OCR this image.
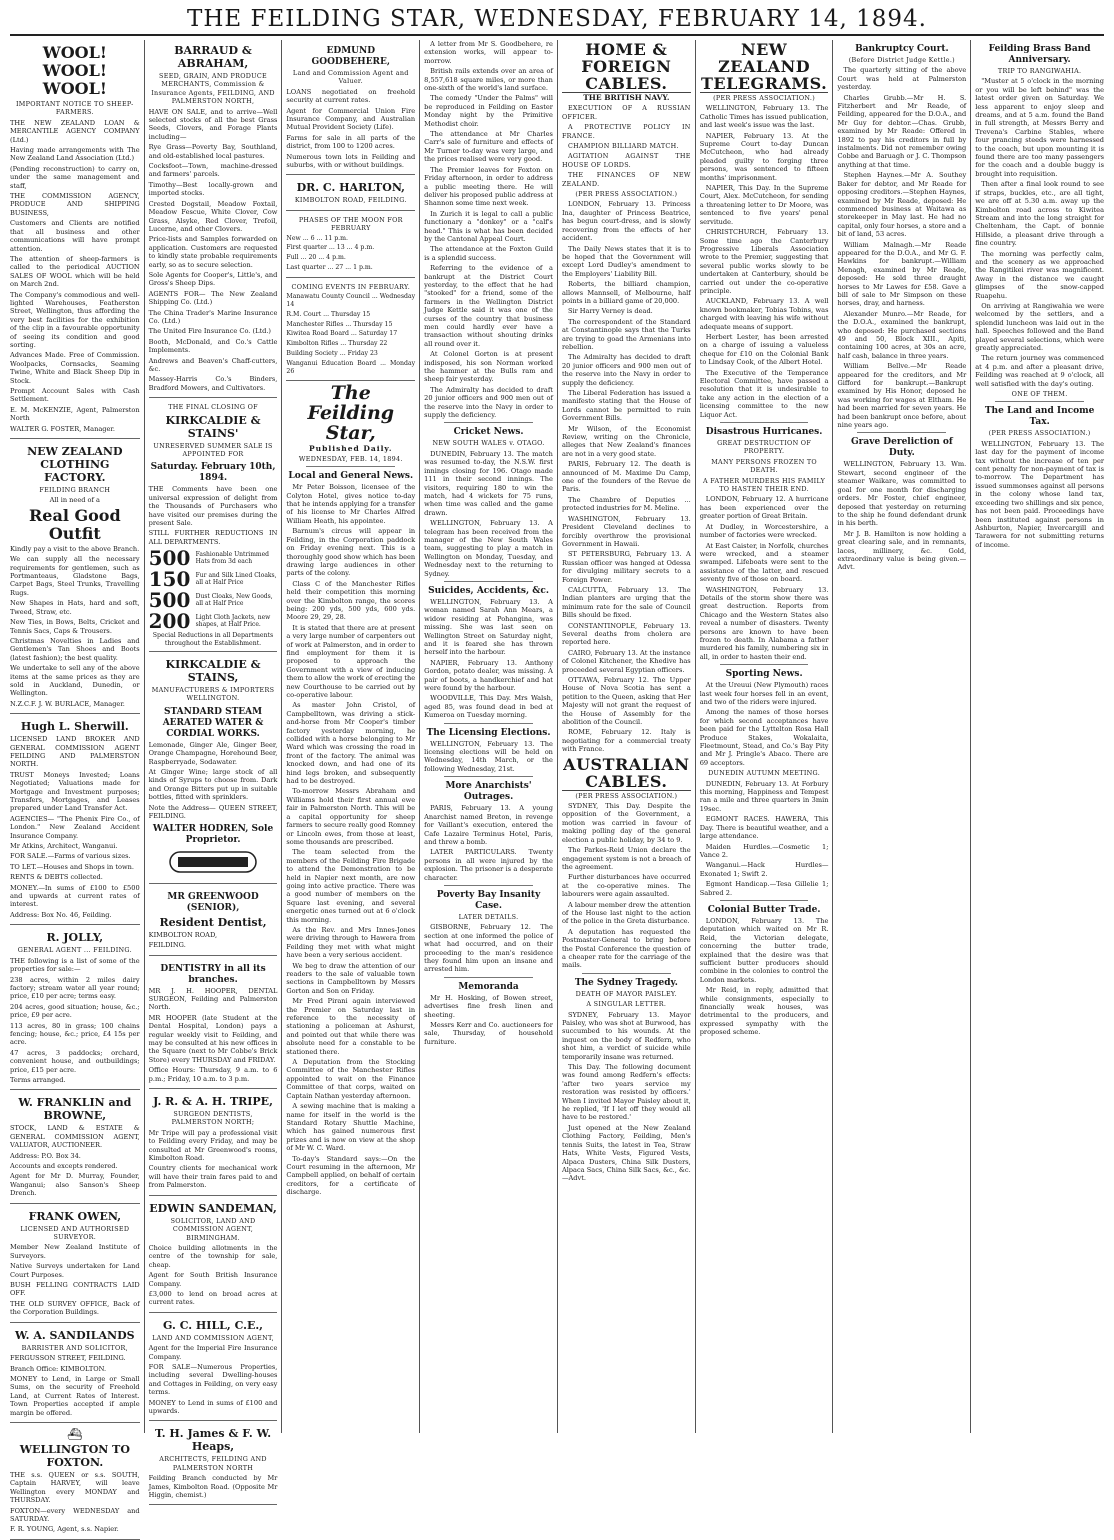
THE FEILDING STAR, WEDNESDAY, FEBRUARY 14, 1894.
WOOL! WOOL! WOOL!
IMPORTANT NOTICE TO SHEEP-FARMERS.

THE NEW ZEALAND LOAN & MERCANTILE AGENCY COMPANY (Ltd.)

Having made arrangements with The New Zealand Land Association (Ltd.)

(Pending reconstruction) to carry on, under the same management and staff,

THE COMMISSION AGENCY, PRODUCE AND SHIPPING BUSINESS,

Customers and Clients are notified that all business and other communications will have prompt attention.

The attention of sheep-farmers is called to the periodical AUCTION SALES OF WOOL which will be held on March 2nd.

The Company's commodious and well-lighted Warehouses, Featherston Street, Wellington, thus affording the very best facilities for the exhibition of the clip in a favourable opportunity of seeing its condition and good sorting.

Advances Made. Free of Commission. Woolpacks, Cornsacks, Seaming Twine, White and Black Sheep Dip in Stock.

Prompt Account Sales with Cash Settlement.

E. M. McKENZIE, Agent, Palmerston North

WALTER G. FOSTER, Manager.

NEW ZEALAND CLOTHING FACTORY.
FEILDING BRANCH
All in need of a
Real Good Outfit

Kindly pay a visit to the above Branch.

We can supply all the necessary requirements for gentlemen, such as Portmanteaus, Gladstone Bags, Carpet Bags, Steel Trunks, Travelling Rugs.

New Shapes in Hats, hard and soft, Tweed, Straw, etc.

New Ties, in Bows, Belts, Cricket and Tennis Sacs, Caps & Trousers.

Christmas Novelties in Ladies and Gentlemen's Tan Shoes and Boots (latest fashion); the best quality.

We undertake to sell any of the above items at the same prices as they are sold in Auckland, Dunedin, or Wellington.

N.Z.C.F. J. W. BURLACE, Manager.

Hugh L. Sherwill.

LICENSED LAND BROKER AND GENERAL COMMISSION AGENT FEILDING AND PALMERSTON NORTH.

TRUST Moneys Invested; Loans Negotiated; Valuations made for Mortgage and Investment purposes; Transfers, Mortgages, and Leases prepared under Land Transfer Act.

AGENCIES— "The Phenix Fire Co., of London." New Zealand Accident Insurance Company.

Mr Atkins, Architect, Wanganui.

FOR SALE.—Farms of various sizes.

TO LET.—Houses and Shops in town.

RENTS & DEBTS collected.

MONEY.—In sums of £100 to £500 and upwards at current rates of interest.

Address: Box No. 46, Feilding.

R. JOLLY,
GENERAL AGENT ... FEILDING.

THE following is a list of some of the properties for sale:—

238 acres, within 2 miles dairy factory; stream water all year round; price, £10 per acre; terms easy.

204 acres, good situation; house, &c.; price, £9 per acre.

113 acres, 80 in grass; 100 chains fencing; house, &c.; price, £4 15s per acre.

47 acres, 3 paddocks; orchard, convenient house, and outbuildings; price, £15 per acre.

Terms arranged.

W. FRANKLIN and BROWNE,

STOCK, LAND & ESTATE & GENERAL COMMISSION AGENT, VALUATOR, AUCTIONEER.

Address: P.O. Box 34.

Accounts and excepts rendered.

Agent for Mr D. Murray, Founder, Wanganui; also Sanson's Sheep Drench.

FRANK OWEN,
LICENSED AND AUTHORISED SURVEYOR.

Member New Zealand Institute of Surveyors.

Native Surveys undertaken for Land Court Purposes.

BUSH FELLING CONTRACTS LAID OFF.

THE OLD SURVEY OFFICE, Back of the Corporation Buildings.

W. A. SANDILANDS
BARRISTER AND SOLICITOR,

FERGUSSON STREET, FEILDING.

Branch Office: KIMBOLTON.

MONEY to Lend, in Large or Small Sums, on the security of Freehold Land, at Current Rates of Interest. Town Properties accepted if ample margin be offered.

⛴
WELLINGTON TO FOXTON.

THE s.s. QUEEN or s.s. SOUTH, Captain HARVEY, will leave Wellington every MONDAY and THURSDAY.

FOXTON—every WEDNESDAY and SATURDAY.

F. R. YOUNG, Agent, s.s. Napier.

BARRAUD & ABRAHAM,
SEED, GRAIN, AND PRODUCE MERCHANTS, Commission & Insurance Agents, FEILDING, AND PALMERSTON NORTH,

HAVE ON SALE, and to arrive—Well selected stocks of all the best Grass Seeds, Clovers, and Forage Plants including—

Rye Grass—Poverty Bay, Southland, and old-established local pastures.

Cocksfoot—Town, machine-dressed and farmers' parcels.

Timothy—Best locally-grown and imported stocks.

Crested Dogstail, Meadow Foxtail, Meadow Fescue, White Clover, Cow Grass, Alsyke, Red Clover, Trefoil, Lucerne, and other Clovers.

Price-lists and Samples forwarded on application. Customers are requested to kindly state probable requirements early, so as to secure selection.

Sole Agents for Cooper's, Little's, and Gross's Sheep Dips.

AGENTS FOR— The New Zealand Shipping Co. (Ltd.)

The China Trader's Marine Insurance Co. (Ltd.)

The United Fire Insurance Co. (Ltd.)

Booth, McDonald, and Co.'s Cattle Implements.

Andrews and Beaven's Chaff-cutters, &c.

Massey-Harris Co.'s Binders, Bradford Mowers, and Cultivators.

THE FINAL CLOSING OF
KIRKCALDIE & STAINS'
UNRESERVED SUMMER SALE IS APPOINTED FOR
Saturday. February 10th, 1894.

THE Comments have been one universal expression of delight from the Thousands of Purchasers who have visited our premises during the present Sale.

STILL FURTHER REDUCTIONS IN ALL DEPARTMENTS.

500 Fashionable Untrimmed Hats from 3d each
150 Fur and Silk Lined Cloaks, all at Half Price
500 Dust Cloaks, New Goods, all at Half Price
200 Light Cloth Jackets, new shapes, at Half Price.
Special Reductions in all Departments throughout the Establishment.
KIRKCALDIE & STAINS,
MANUFACTURERS & IMPORTERS WELLINGTON.
STANDARD STEAM AERATED WATER & CORDIAL WORKS.

Lemonade, Ginger Ale, Ginger Beer, Orange Champagne, Horehound Beer, Raspberryade, Sodawater.

At Ginger Wine; large stock of all kinds of Syrups to choose from. Dark and Orange Bitters put up in suitable bottles, fitted with sprinklers.

Note the Address— QUEEN STREET, FEILDING.

WALTER HODREN, Sole Proprietor.
MR GREENWOOD (SENIOR),
Resident Dentist,

KIMBOLTON ROAD,

FEILDING.

DENTISTRY in all its branches.

MR J. H. HOOPER, DENTAL SURGEON, Feilding and Palmerston North.

MR HOOPER (late Student at the Dental Hospital, London) pays a regular weekly visit to Feilding, and may be consulted at his new offices in the Square (next to Mr Cobbe's Brick Store) every THURSDAY and FRIDAY.

Office Hours: Thursday, 9 a.m. to 6 p.m.; Friday, 10 a.m. to 3 p.m.

J. R. & A. H. TRIPE,
SURGEON DENTISTS, PALMERSTON NORTH;

Mr Tripe will pay a professional visit to Feilding every Friday, and may be consulted at Mr Greenwood's rooms, Kimbolton Road.

Country clients for mechanical work will have their train fares paid to and from Palmerston.

EDWIN SANDEMAN,
SOLICITOR, LAND AND COMMISSION AGENT, BIRMINGHAM.

Choice building allotments in the centre of the township for sale, cheap.

Agent for South British Insurance Company.

£3,000 to lend on broad acres at current rates.

G. C. HILL, C.E.,
LAND AND COMMISSION AGENT,

Agent for the Imperial Fire Insurance Company.

FOR SALE—Numerous Properties, including several Dwelling-houses and Cottages in Feilding, on very easy terms.

MONEY to Lend in sums of £100 and upwards.

T. H. James & F. W. Heaps,
ARCHITECTS, FEILDING AND PALMERSTON NORTH

Feilding Branch conducted by Mr James, Kimbolton Road. (Opposite Mr Higgin, chemist.)

EDMUND GOODBEHERE,
Land and Commission Agent and Valuer.

LOANS negotiated on freehold security at current rates.

Agent for Commercial Union Fire Insurance Company, and Australian Mutual Provident Society (Life).

Farms for sale in all parts of the district, from 100 to 1200 acres.

Numerous town lots in Feilding and suburbs, with or without buildings.

DR. C. HARLTON,
KIMBOLTON ROAD, FEILDING.
PHASES OF THE MOON FOR FEBRUARY

New ... 6 ... 11 p.m.

First quarter ... 13 ... 4 p.m.

Full ... 20 ... 4 p.m.

Last quarter ... 27 ... 1 p.m.

COMING EVENTS IN FEBRUARY.

Manawatu County Council ... Wednesday 14

R.M. Court ... Thursday 15

Manchester Rifles ... Thursday 15

Kiwitea Road Board ... Saturday 17

Kimbolton Rifles ... Thursday 22

Building Society ... Friday 23

Wanganui Education Board ... Monday 26

The Feilding Star,
Published Daily.
WEDNESDAY, FEB. 14, 1894.
Local and General News.

Mr Peter Boisson, licensee of the Colyton Hotel, gives notice to-day that he intends applying for a transfer of his license to Mr Charles Alfred William Heath, his appointee.

Barnum's circus will appear in Feilding, in the Corporation paddock on Friday evening next. This is a thoroughly good show which has been drawing large audiences in other parts of the colony.

Class C of the Manchester Rifles held their competition this morning over the Kimbolton range, the scores being: 200 yds, 500 yds, 600 yds. Moore 29, 29, 28.

It is stated that there are at present a very large number of carpenters out of work at Palmerston, and in order to find employment for them it is proposed to approach the Government with a view of inducing them to allow the work of erecting the new Courthouse to be carried out by co-operative labour.

As master John Cristol, of Campbelltown, was driving a stick-and-horse from Mr Cooper's timber factory yesterday morning, he collided with a horse belonging to Mr Ward which was crossing the road in front of the factory. The animal was knocked down, and had one of its hind legs broken, and subsequently had to be destroyed.

To-morrow Messrs Abraham and Williams hold their first annual ewe fair in Palmerston North. This will be a capital opportunity for sheep farmers to secure really good Romney or Lincoln ewes, from those at least, some thousands are prescribed.

The team selected from the members of the Feilding Fire Brigade to attend the Demonstration to be held in Napier next month, are now going into active practice. There was a good number of members on the Square last evening, and several energetic ones turned out at 6 o'clock this morning.

As the Rev. and Mrs Innes-Jones were driving through to Hawera from Feilding they met with what might have been a very serious accident.

We beg to draw the attention of our readers to the sale of valuable town sections in Campbelltown by Messrs Gorton and Son on Friday.

Mr Fred Pirani again interviewed the Premier on Saturday last in reference to the necessity of stationing a policeman at Ashurst, and pointed out that while there was absolute need for a constable to be stationed there.

A Deputation from the Stocking Committee of the Manchester Rifles appointed to wait on the Finance Committee of that corps, waited on Captain Nathan yesterday afternoon.

A sewing machine that is making a name for itself in the world is the Standard Rotary Shuttle Machine, which has gained numerous first prizes and is now on view at the shop of Mr W. C. Ward.

To-day's Standard says:—On the Court resuming in the afternoon, Mr Campbell applied, on behalf of certain creditors, for a certificate of discharge.

A letter from Mr S. Goodbehere, re extension works, will appear to-morrow.

British rails extends over an area of 8,557,618 square miles, or more than one-sixth of the world's land surface.

The comedy "Under the Palms" will be reproduced in Feilding on Easter Monday night by the Primitive Methodist choir.

The attendance at Mr Charles Carr's sale of furniture and effects of Mr Turner to-day was very large, and the prices realised were very good.

The Premier leaves for Foxton on Friday afternoon, in order to address a public meeting there. He will deliver his proposed public address at Shannon some time next week.

In Zurich it is legal to call a public functionary a "donkey" or a "calf's head." This is what has been decided by the Cantonal Appeal Court.

The attendance at the Foxton Guild is a splendid success.

Referring to the evidence of a bankrupt at the District Court yesterday, to the effect that he had "stooked" for a friend, some of the farmers in the Wellington District Judge Kettle said it was one of the curses of the country that business men could hardly ever have a transaction without shouting drinks all round over it.

At Colonel Gorton is at present indisposed, his son Norman worked the hammer at the Bulls ram and sheep fair yesterday.

The Admiralty has decided to draft 20 junior officers and 900 men out of the reserve into the Navy in order to supply the deficiency.

Cricket News.
NEW SOUTH WALES v. OTAGO.

DUNEDIN, February 13. The match was resumed to-day, the N.S.W. first innings closing for 196. Otago made 111 in their second innings. The visitors, requiring 180 to win the match, had 4 wickets for 75 runs, when time was called and the game drawn.

WELLINGTON, February 13. A telegram has been received from the manager of the New South Wales team, suggesting to play a match in Wellington on Monday, Tuesday, and Wednesday next to the returning to Sydney.

Suicides, Accidents, &c.

WELLINGTON, February 13. A woman named Sarah Ann Mears, a widow residing at Pohangina, was missing. She was last seen on Wellington Street on Saturday night, and it is feared she has thrown herself into the harbour.

NAPIER, February 13. Anthony Gordon, potato dealer, was missing. A pair of boots, a handkerchief and hat were found by the harbour.

WOODVILLE, This Day. Mrs Walsh, aged 85, was found dead in bed at Kumeroa on Tuesday morning.

The Licensing Elections.

WELLINGTON, February 13. The licensing elections will be held on Wednesday, 14th March, or the following Wednesday, 21st.

More Anarchists' Outrages.

PARIS, February 13. A young Anarchist named Breton, in revenge for Vaillant's execution, entered the Cafe Lazaire Terminus Hotel, Paris, and threw a bomb.

LATER PARTICULARS. Twenty persons in all were injured by the explosion. The prisoner is a desperate character.

Poverty Bay Insanity Case.
LATER DETAILS.

GISBORNE, February 12. The section at one informed the police of what had occurred, and on their proceeding to the man's residence they found him upon an insane and arrested him.

Memoranda

Mr H. Hosking, of Bowen street, advertises fine fresh linen and sheeting.

Messrs Kerr and Co. auctioneers for sale, Thursday, of household furniture.

HOME & FOREIGN CABLES.
THE BRITISH NAVY.

EXECUTION OF A RUSSIAN OFFICER.

A PROTECTIVE POLICY IN FRANCE.

CHAMPION BILLIARD MATCH.

AGITATION AGAINST THE HOUSE OF LORDS.

THE FINANCES OF NEW ZEALAND.

(PER PRESS ASSOCIATION.)

LONDON, February 13. Princess Ina, daughter of Princess Beatrice, has begun court-dress, and is slowly recovering from the effects of her accident.

The Daily News states that it is to be hoped that the Government will except Lord Dudley's amendment to the Employers' Liability Bill.

Roberts, the billiard champion, allows Mannsell, of Melbourne, half points in a billiard game of 20,000.

Sir Harry Verney is dead.

The correspondent of the Standard at Constantinople says that the Turks are trying to goad the Armenians into rebellion.

The Admiralty has decided to draft 20 junior officers and 900 men out of the reserve into the Navy in order to supply the deficiency.

The Liberal Federation has issued a manifesto stating that the House of Lords cannot be permitted to ruin Government Bills.

Mr Wilson, of the Economist Review, writing on the Chronicle, alleges that New Zealand's finances are not in a very good state.

PARIS, February 12. The death is announced of M. Maxime Du Camp, one of the founders of the Revue de Paris.

The Chambre of Deputies ... protected industries for M. Meline.

WASHINGTON, February 13. President Cleveland declines to forcibly overthrow the provisional Government in Hawaii.

ST PETERSBURG, February 13. A Russian officer was hanged at Odessa for divulging military secrets to a Foreign Power.

CALCUTTA, February 13. The Indian planters are urging that the minimum rate for the sale of Council Bills should be fixed.

CONSTANTINOPLE, February 13. Several deaths from cholera are reported here.

CAIRO, February 13. At the instance of Colonel Kitchener, the Khedive has proceeded several Egyptian officers.

OTTAWA, February 12. The Upper House of Nova Scotia has sent a petition to the Queen, asking that Her Majesty will not grant the request of the House of Assembly for the abolition of the Council.

ROME, February 12. Italy is negotiating for a commercial treaty with France.

AUSTRALIAN CABLES.
(PER PRESS ASSOCIATION.)

SYDNEY, This Day. Despite the opposition of the Government, a motion was carried in favour of making polling day of the general election a public holiday, by 34 to 9.

The Parkes-Reid Union declare the engagement system is not a breach of the agreement.

Further disturbances have occurred at the co-operative mines. The labourers were again assaulted.

A labour member drew the attention of the House last night to the action of the police in the Greta disturbance.

A deputation has requested the Postmaster-General to bring before the Postal Conference the question of a cheaper rate for the carriage of the mails.

The Sydney Tragedy.
DEATH OF MAYOR PAISLEY.
A SINGULAR LETTER.

SYDNEY, February 13. Mayor Paisley, who was shot at Burwood, has succumbed to his wounds. At the inquest on the body of Redfern, who shot him, a verdict of suicide while temporarily insane was returned.

This Day. The following document was found among Redfern's effects: 'after two years service my restoration was resisted by officers.' When I invited Mayor Paisley about it, he replied, 'If I let off they would all have to be restored.'

Just opened at the New Zealand Clothing Factory, Feilding, Men's tennis Suits, the latest in Tea, Straw Hats, White Vests, Figured Vests, Alpaca Dusters, China Silk Dusters, Alpaca Sacs, China Silk Sacs, &c., &c.—Advt.

NEW ZEALAND TELEGRAMS.
(PER PRESS ASSOCIATION.)

WELLINGTON, February 13. The Catholic Times has issued publication, and last week's issue was the last.

NAPIER, February 13. At the Supreme Court to-day Duncan McCutcheon, who had already pleaded guilty to forging three persons, was sentenced to fifteen months' imprisonment.

NAPIER, This Day. In the Supreme Court, Alex. McCutcheon, for sending a threatening letter to Dr Moore, was sentenced to five years' penal servitude.

CHRISTCHURCH, February 13. Some time ago the Canterbury Progressive Liberals Association wrote to the Premier, suggesting that several public works slowly to be undertaken at Canterbury, should be carried out under the co-operative principle.

AUCKLAND, February 13. A well known bookmaker, Tobias Tobins, was charged with leaving his wife without adequate means of support.

Herbert Lester, has been arrested on a charge of issuing a valueless cheque for £10 on the Colonial Bank to Lindsay Cook, of the Albert Hotel.

The Executive of the Temperance Electoral Committee, have passed a resolution that it is undesirable to take any action in the election of a licensing committee to the new Liquor Act.

Disastrous Hurricanes.
GREAT DESTRUCTION OF PROPERTY.
MANY PERSONS FROZEN TO DEATH.
A FATHER MURDERS HIS FAMILY TO HASTEN THEIR END.

LONDON, February 12. A hurricane has been experienced over the greater portion of Great Britain.

At Dudley, in Worcestershire, a number of factories were wrecked.

At East Caister, in Norfolk, churches were wrecked, and a steamer swamped. Lifeboats were sent to the assistance of the latter, and rescued seventy five of those on board.

WASHINGTON, February 13. Details of the storm show there was great destruction. Reports from Chicago and the Western States also reveal a number of disasters. Twenty persons are known to have been frozen to death. In Alabama a father murdered his family, numbering six in all, in order to hasten their end.

Sporting News.

At the Ureuui (New Plymouth) races last week four horses fell in an event, and two of the riders were injured.

Among the names of those horses for which second acceptances have been paid for the Lyttelton Rosa Hall Produce Stakes, Wokalaita, Fleetmount, Stead, and Co.'s Bay Pity and Mr J. Pringle's Abaco. There are 69 acceptors.

DUNEDIN AUTUMN MEETING.

DUNEDIN, February 13. At Forbury this morning, Happiness and Tempest ran a mile and three quarters in 3min 19sec.

EGMONT RACES. HAWERA, This Day. There is beautiful weather, and a large attendance.

Maiden Hurdles.—Cosmetic 1; Vance 2.

Wanganui.—Hack Hurdles—Exonated 1; Swift 2.

Egmont Handicap.—Tesa Gillelie 1; Sabred 2.

Colonial Butter Trade.

LONDON, February 13. The deputation which waited on Mr R. Reid, the Victorian delegate, concerning the butter trade, explained that the desire was that sufficient butter producers should combine in the colonies to control the London markets.

Mr Reid, in reply, admitted that while consignments, especially to financially weak houses, was detrimental to the producers, and expressed sympathy with the proposed scheme.

Bankruptcy Court.
(Before District Judge Kettle.)

The quarterly sitting of the above Court was held at Palmerston yesterday.

Charles Grubb.—Mr H. S. Fitzherbert and Mr Reade, of Feilding, appeared for the D.O.A., and Mr Guy for debtor.—Chas. Grubb, examined by Mr Reade: Offered in 1892 to pay his creditors in full by instalments. Did not remember owing Cobbe and Baruagh or J. C. Thompson anything at that time.

Stephen Haynes.—Mr A. Southey Baker for debtor, and Mr Reade for opposing creditors.—Stephen Haynes, examined by Mr Reade, deposed: He commenced business at Waitawa as storekeeper in May last. He had no capital, only four horses, a store and a bit of land, 53 acres.

William Malnagh.—Mr Reade appeared for the D.O.A., and Mr G. F. Hawkins for bankrupt.—William Menagh, examined by Mr Reade, deposed: He sold three draught horses to Mr Lawes for £58. Gave a bill of sale to Mr Simpson on these horses, dray, and harness.

Alexander Munro.—Mr Reade, for the D.O.A., examined the bankrupt, who deposed: He purchased sections 49 and 50, Block XIII., Apiti, containing 100 acres, at 30s an acre, half cash, balance in three years.

William Bellve.—Mr Reade appeared for the creditors, and Mr Gifford for bankrupt.—Bankrupt examined by His Honor, deposed he was working for wages at Eltham. He had been married for seven years. He had been bankrupt once before, about nine years ago.

Grave Dereliction of Duty.

WELLINGTON, February 13. Wm. Stewart, second engineer of the steamer Waikare, was committed to goal for one month for discharging orders. Mr Foster, chief engineer, deposed that yesterday on returning to the ship he found defendant drunk in his berth.

Mr J. B. Hamilton is now holding a great clearing sale, and in remnants, laces, millinery, &c. Gold, extraordinary value is being given.—Advt.

Feilding Brass Band Anniversary.
TRIP TO RANGIWAHIA.

"Muster at 5 o'clock in the morning or you will be left behind" was the latest order given on Saturday. We less apparent to enjoy sleep and dreams, and at 5 a.m. found the Band in full strength, at Messrs Berry and Trevena's Carbine Stables, where four prancing steeds were harnessed to the coach, but upon mounting it is found there are too many passengers for the coach and a double buggy is brought into requisition.

Then after a final look round to see if straps, buckles, etc., are all tight, we are off at 5.30 a.m. away up the Kimbolton road across to Kiwitea Stream and into the long straight for Cheltenham, the Capt. of bonnie Hillside, a pleasant drive through a fine country.

The morning was perfectly calm, and the scenery as we approached the Rangitikei river was magnificent. Away in the distance we caught glimpses of the snow-capped Ruapehu.

On arriving at Rangiwahia we were welcomed by the settlers, and a splendid luncheon was laid out in the hall. Speeches followed and the Band played several selections, which were greatly appreciated.

The return journey was commenced at 4 p.m. and after a pleasant drive, Feilding was reached at 9 o'clock, all well satisfied with the day's outing.

ONE OF THEM.
The Land and Income Tax.
(PER PRESS ASSOCIATION.)

WELLINGTON, February 13. The last day for the payment of income tax without the increase of ten per cent penalty for non-payment of tax is to-morrow. The Department has issued summonses against all persons in the colony whose land tax, exceeding two shillings and six pence, has not been paid. Proceedings have been instituted against persons in Ashburton, Napier, Invercargill and Tarawera for not submitting returns of income.
